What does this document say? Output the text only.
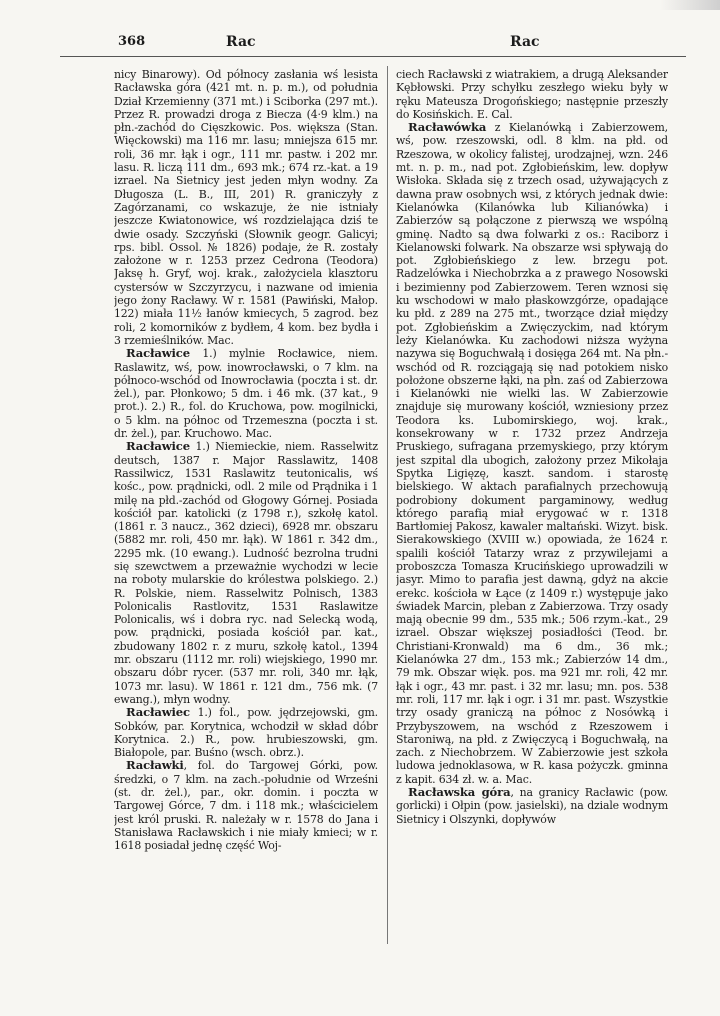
368	Rac	Rac

nicy Binarowy). Od północy zasłania wś lesista Racławska góra (421 mt. n. p. m.), od południa Dział Krzemienny (371 mt.) i Sciborka (297 mt.). Przez R. prowadzi droga z Biecza (4·9 klm.) na płn.-zachód do Cięszkowic. Pos. większa (Stan. Więckowski) ma 116 mr. lasu; mniejsza 615 mr. roli, 36 mr. łąk i ogr., 111 mr. pastw. i 202 mr. lasu. R. liczą 111 dm., 693 mk.; 674 rz.-kat. a 19 izrael. Na Sietnicy jest jeden młyn wodny. Za Długosza (L. B., III, 201) R. graniczyły z Zagórzanami, co wskazuje, że nie istniały jeszcze Kwiatonowice, wś rozdzielająca dziś te dwie osady. Szczyński (Słownik geogr. Galicyi; rps. bibl. Ossol. № 1826) podaje, że R. zostały założone w r. 1253 przez Cedrona (Teodora) Jaksę h. Gryf, woj. krak., założyciela klasztoru cystersów w Szczyrzycu, i nazwane od imienia jego żony Racławy. W r. 1581 (Pawiński, Małop. 122) miała 11½ łanów kmiecych, 5 zagrod. bez roli, 2 komorników z bydłem, 4 kom. bez bydła i 3 rzemieślników. Mac.

Racławice 1.) mylnie Rocławice, niem. Raslawitz, wś, pow. inowrocławski, o 7 klm. na północo-wschód od Inowrocławia (poczta i st. dr. żel.), par. Płonkowo; 5 dm. i 46 mk. (37 kat., 9 prot.). 2.) R., fol. do Kruchowa, pow. mogilnicki, o 5 klm. na północ od Trzemeszna (poczta i st. dr. żel.), par. Kruchowo. Mac.

Racławice 1.) Niemieckie, niem. Rasselwitz deutsch, 1387 r. Major Rasslawitz, 1408 Rassilwicz, 1531 Raslawitz teutonicalis, wś kośc., pow. prądnicki, odl. 2 mile od Prądnika i 1 milę na płd.-zachód od Głogowy Górnej. Posiada kościół par. katolicki (z 1798 r.), szkołę katol. (1861 r. 3 naucz., 362 dzieci), 6928 mr. obszaru (5882 mr. roli, 450 mr. łąk). W 1861 r. 342 dm., 2295 mk. (10 ewang.). Ludność bezrolna trudni się szewctwem a przeważnie wychodzi w lecie na roboty mularskie do królestwa polskiego. 2.) R. Polskie, niem. Rasselwitz Polnisch, 1383 Polonicalis Rastlovitz, 1531 Raslawitze Polonicalis, wś i dobra ryc. nad Selecką wodą, pow. prądnicki, posiada kościół par. kat., zbudowany 1802 r. z muru, szkołę katol., 1394 mr. obszaru (1112 mr. roli) wiejskiego, 1990 mr. obszaru dóbr rycer. (537 mr. roli, 340 mr. łąk, 1073 mr. lasu). W 1861 r. 121 dm., 756 mk. (7 ewang.), młyn wodny.

Racławiec 1.) fol., pow. jędrzejowski, gm. Sobków, par. Korytnica, wchodził w skład dóbr Korytnica. 2.) R., pow. hrubieszowski, gm. Białopole, par. Buśno (wsch. obrz.).

Racławki, fol. do Targowej Górki, pow. średzki, o 7 klm. na zach.-południe od Wrześni (st. dr. żel.), par., okr. domin. i poczta w Targowej Górce, 7 dm. i 118 mk.; właścicielem jest król pruski. R. należały w r. 1578 do Jana i Stanisława Racławskich i nie miały kmieci; w r. 1618 posiadał jednę część Woj-

ciech Racławski z wiatrakiem, a drugą Aleksander Kębłowski. Przy schyłku zeszłego wieku były w ręku Mateusza Drogońskiego; następnie przeszły do Kosińskich. E. Cal.

Racławówka z Kielanówką i Zabierzowem, wś, pow. rzeszowski, odl. 8 klm. na płd. od Rzeszowa, w okolicy falistej, urodzajnej, wzn. 246 mt. n. p. m., nad pot. Zgłobieńskim, lew. dopływ Wisłoka. Składa się z trzech osad, używających z dawna praw osobnych wsi, z których jednak dwie: Kielanówka (Kilanówka lub Kilianówka) i Zabierzów są połączone z pierwszą we wspólną gminę. Nadto są dwa folwarki z os.: Raciborz i Kielanowski folwark. Na obszarze wsi spływają do pot. Zgłobieńskiego z lew. brzegu pot. Radzelówka i Niechobrzka a z prawego Nosowski i bezimienny pod Zabierzowem. Teren wznosi się ku wschodowi w mało płaskowzgórze, opadające ku płd. z 289 na 275 mt., tworzące dział między pot. Zgłobieńskim a Zwięczyckim, nad którym leży Kielanówka. Ku zachodowi niższa wyżyna nazywa się Boguchwałą i dosięga 264 mt. Na płn.-wschód od R. rozciągają się nad potokiem nisko położone obszerne łąki, na płn. zaś od Zabierzowa i Kielanówki nie wielki las. W Zabierzowie znajduje się murowany kościół, wzniesiony przez Teodora ks. Lubomirskiego, woj. krak., konsekrowany w r. 1732 przez Andrzeja Pruskiego, sufragana przemyskiego, przy którym jest szpital dla ubogich, założony przez Mikołaja Spytka Ligięzę, kaszt. sandom. i starostę bielskiego. W aktach parafialnych przechowują podrobiony dokument pargaminowy, według którego parafią miał erygować w r. 1318 Bartłomiej Pakosz, kawaler maltański. Wizyt. bisk. Sierakowskiego (XVIII w.) opowiada, że 1624 r. spalili kościół Tatarzy wraz z przywilejami a proboszcza Tomasza Krucińskiego uprowadzili w jasyr. Mimo to parafia jest dawną, gdyż na akcie erekc. kościoła w Łące (z 1409 r.) występuje jako świadek Marcin, pleban z Zabierzowa. Trzy osady mają obecnie 99 dm., 535 mk.; 506 rzym.-kat., 29 izrael. Obszar większej posiadłości (Teod. br. Christiani-Kronwald) ma 6 dm., 36 mk.; Kielanówka 27 dm., 153 mk.; Zabierzów 14 dm., 79 mk. Obszar więk. pos. ma 921 mr. roli, 42 mr. łąk i ogr., 43 mr. past. i 32 mr. lasu; mn. pos. 538 mr. roli, 117 mr. łąk i ogr. i 31 mr. past. Wszystkie trzy osady graniczą na północ z Nosówką i Przybyszowem, na wschód z Rzeszowem i Staroniwą, na płd. z Zwięczycą i Boguchwałą, na zach. z Niechobrzem. W Zabierzowie jest szkoła ludowa jednoklasowa, w R. kasa pożyczk. gminna z kapit. 634 zł. w. a. Mac.

Racławska góra, na granicy Racławic (pow. gorlicki) i Ołpin (pow. jasielski), na dziale wodnym Sietnicy i Olszynki, dopływów
